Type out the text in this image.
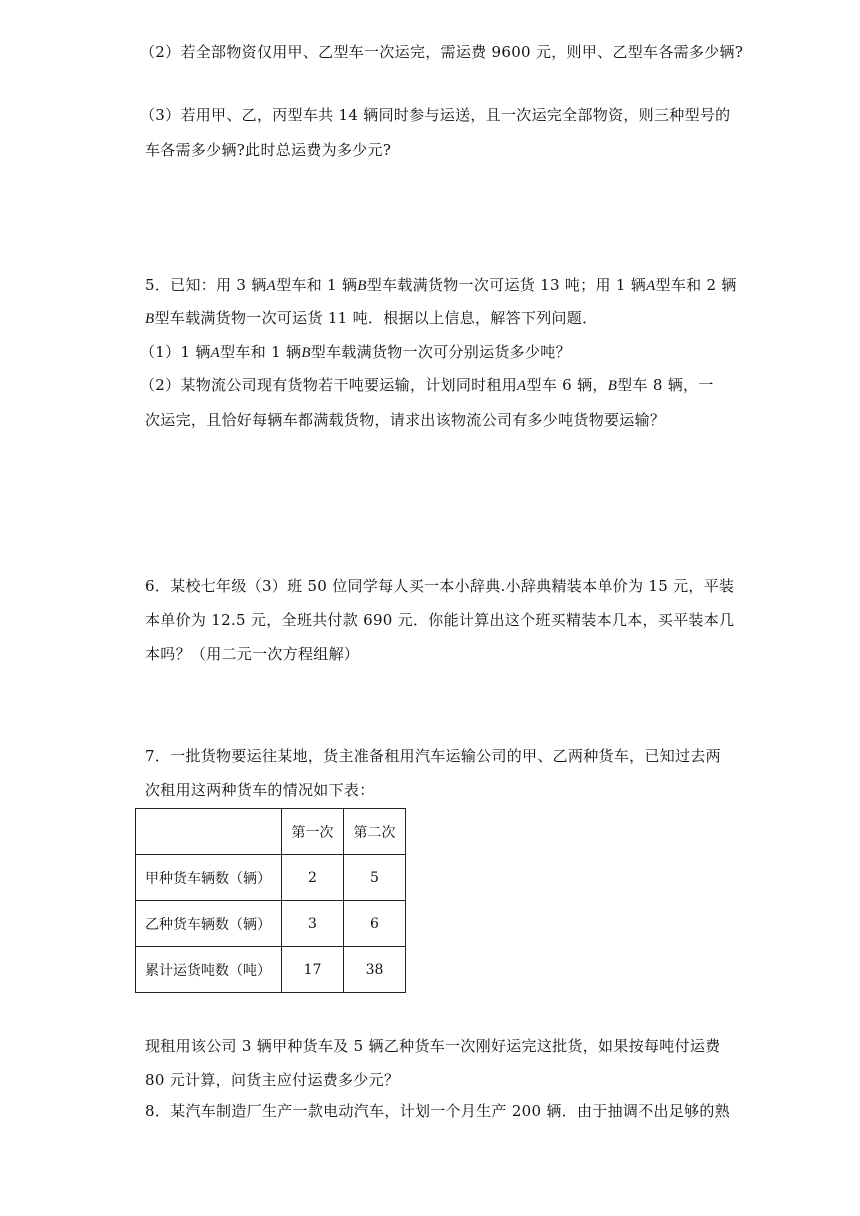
（2）若全部物资仅用甲、乙型车一次运完，需运费 9600 元，则甲、乙型车各需多少辆?
（3）若用甲、乙，丙型车共 14 辆同时参与运送，且一次运完全部物资，则三种型号的
车各需多少辆?此时总运费为多少元?
5．已知：用 3 辆A型车和 1 辆B型车载满货物一次可运货 13 吨；用 1 辆A型车和 2 辆
B型车载满货物一次可运货 11 吨．根据以上信息，解答下列问题．
（1）1 辆A型车和 1 辆B型车载满货物一次可分别运货多少吨？
（2）某物流公司现有货物若干吨要运输，计划同时租用A型车 6 辆，B型车 8 辆，一
次运完，且恰好每辆车都满载货物，请求出该物流公司有多少吨货物要运输？
6．某校七年级（3）班 50 位同学每人买一本小辞典.小辞典精装本单价为 15 元，平装
本单价为 12.5 元，全班共付款 690 元．你能计算出这个班买精装本几本，买平装本几
本吗？（用二元一次方程组解）
7．一批货物要运往某地，货主准备租用汽车运输公司的甲、乙两种货车，已知过去两
次租用这两种货车的情况如下表：
	第一次	第二次
甲种货车辆数（辆）	2	5
乙种货车辆数（辆）	3	6
累计运货吨数（吨）	17	38
现租用该公司 3 辆甲种货车及 5 辆乙种货车一次刚好运完这批货，如果按每吨付运费
80 元计算，问货主应付运费多少元？
8．某汽车制造厂生产一款电动汽车，计划一个月生产 200 辆．由于抽调不出足够的熟
